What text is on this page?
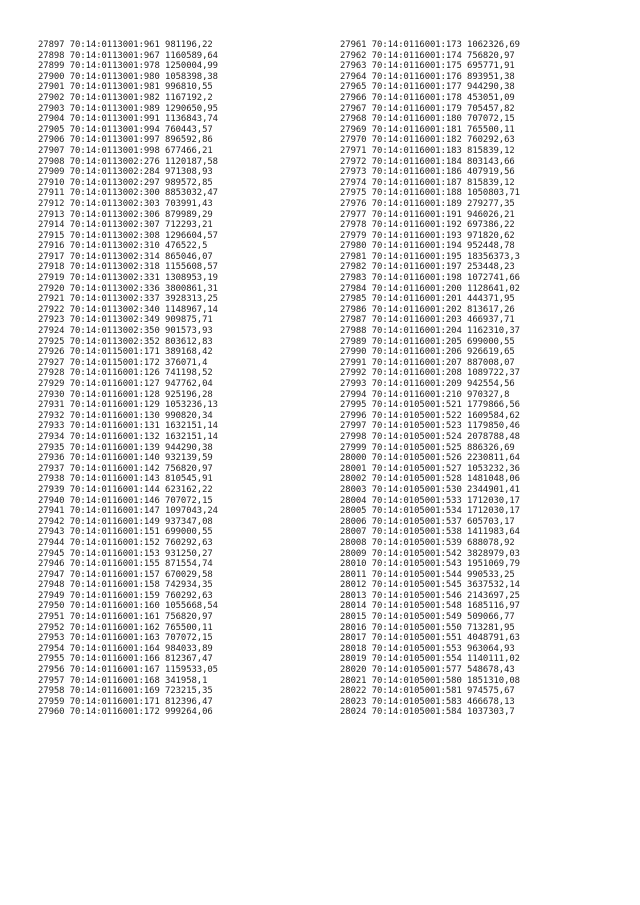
27897 70:14:0113001:961 981196,22
27898 70:14:0113001:967 1160589,64
27899 70:14:0113001:978 1250004,99
27900 70:14:0113001:980 1058398,38
27901 70:14:0113001:981 996810,55
27902 70:14:0113001:982 1167192,2
27903 70:14:0113001:989 1290650,95
27904 70:14:0113001:991 1136843,74
27905 70:14:0113001:994 760443,57
27906 70:14:0113001:997 896592,86
27907 70:14:0113001:998 677466,21
27908 70:14:0113002:276 1120187,58
27909 70:14:0113002:284 971308,93
27910 70:14:0113002:297 989572,85
27911 70:14:0113002:300 8853032,47
27912 70:14:0113002:303 703991,43
27913 70:14:0113002:306 879989,29
27914 70:14:0113002:307 712293,21
27915 70:14:0113002:308 1296604,57
27916 70:14:0113002:310 476522,5
27917 70:14:0113002:314 865046,07
27918 70:14:0113002:318 1155608,57
27919 70:14:0113002:331 1308953,19
27920 70:14:0113002:336 3800861,31
27921 70:14:0113002:337 3928313,25
27922 70:14:0113002:340 1148967,14
27923 70:14:0113002:349 909875,71
27924 70:14:0113002:350 901573,93
27925 70:14:0113002:352 803612,83
27926 70:14:0115001:171 389168,42
27927 70:14:0115001:172 376071,4
27928 70:14:0116001:126 741198,52
27929 70:14:0116001:127 947762,04
27930 70:14:0116001:128 925196,28
27931 70:14:0116001:129 1053236,13
27932 70:14:0116001:130 990820,34
27933 70:14:0116001:131 1632151,14
27934 70:14:0116001:132 1632151,14
27935 70:14:0116001:139 944290,38
27936 70:14:0116001:140 932139,59
27937 70:14:0116001:142 756820,97
27938 70:14:0116001:143 810545,91
27939 70:14:0116001:144 623162,22
27940 70:14:0116001:146 707072,15
27941 70:14:0116001:147 1097043,24
27942 70:14:0116001:149 937347,08
27943 70:14:0116001:151 699000,55
27944 70:14:0116001:152 760292,63
27945 70:14:0116001:153 931250,27
27946 70:14:0116001:155 871554,74
27947 70:14:0116001:157 670029,58
27948 70:14:0116001:158 742934,35
27949 70:14:0116001:159 760292,63
27950 70:14:0116001:160 1055668,54
27951 70:14:0116001:161 756820,97
27952 70:14:0116001:162 765500,11
27953 70:14:0116001:163 707072,15
27954 70:14:0116001:164 984033,89
27955 70:14:0116001:166 812367,47
27956 70:14:0116001:167 1159533,05
27957 70:14:0116001:168 341958,1
27958 70:14:0116001:169 723215,35
27959 70:14:0116001:171 812396,47
27960 70:14:0116001:172 999264,06
27961 70:14:0116001:173 1062326,69
27962 70:14:0116001:174 756820,97
27963 70:14:0116001:175 695771,91
27964 70:14:0116001:176 893951,38
27965 70:14:0116001:177 944290,38
27966 70:14:0116001:178 453051,09
27967 70:14:0116001:179 705457,82
27968 70:14:0116001:180 707072,15
27969 70:14:0116001:181 765500,11
27970 70:14:0116001:182 760292,63
27971 70:14:0116001:183 815839,12
27972 70:14:0116001:184 803143,66
27973 70:14:0116001:186 407919,56
27974 70:14:0116001:187 815839,12
27975 70:14:0116001:188 1050803,71
27976 70:14:0116001:189 279277,35
27977 70:14:0116001:191 946026,21
27978 70:14:0116001:192 697386,22
27979 70:14:0116001:193 971820,62
27980 70:14:0116001:194 952448,78
27981 70:14:0116001:195 18356373,3
27982 70:14:0116001:197 253448,23
27983 70:14:0116001:198 1072741,66
27984 70:14:0116001:200 1128641,02
27985 70:14:0116001:201 444371,95
27986 70:14:0116001:202 813617,26
27987 70:14:0116001:203 466937,71
27988 70:14:0116001:204 1162310,37
27989 70:14:0116001:205 699000,55
27990 70:14:0116001:206 926619,65
27991 70:14:0116001:207 887008,07
27992 70:14:0116001:208 1089722,37
27993 70:14:0116001:209 942554,56
27994 70:14:0116001:210 970327,8
27995 70:14:0105001:521 1779866,56
27996 70:14:0105001:522 1609584,62
27997 70:14:0105001:523 1179850,46
27998 70:14:0105001:524 2078788,48
27999 70:14:0105001:525 886326,69
28000 70:14:0105001:526 2230811,64
28001 70:14:0105001:527 1053232,36
28002 70:14:0105001:528 1481048,06
28003 70:14:0105001:530 2344901,41
28004 70:14:0105001:533 1712030,17
28005 70:14:0105001:534 1712030,17
28006 70:14:0105001:537 605703,17
28007 70:14:0105001:538 1411983,64
28008 70:14:0105001:539 688078,92
28009 70:14:0105001:542 3828979,03
28010 70:14:0105001:543 1951069,79
28011 70:14:0105001:544 990533,25
28012 70:14:0105001:545 3637532,14
28013 70:14:0105001:546 2143697,25
28014 70:14:0105001:548 1685116,97
28015 70:14:0105001:549 509066,77
28016 70:14:0105001:550 713281,95
28017 70:14:0105001:551 4048791,63
28018 70:14:0105001:553 963064,93
28019 70:14:0105001:554 1140111,02
28020 70:14:0105001:577 548678,43
28021 70:14:0105001:580 1851310,08
28022 70:14:0105001:581 974575,67
28023 70:14:0105001:583 466678,13
28024 70:14:0105001:584 1037303,7
